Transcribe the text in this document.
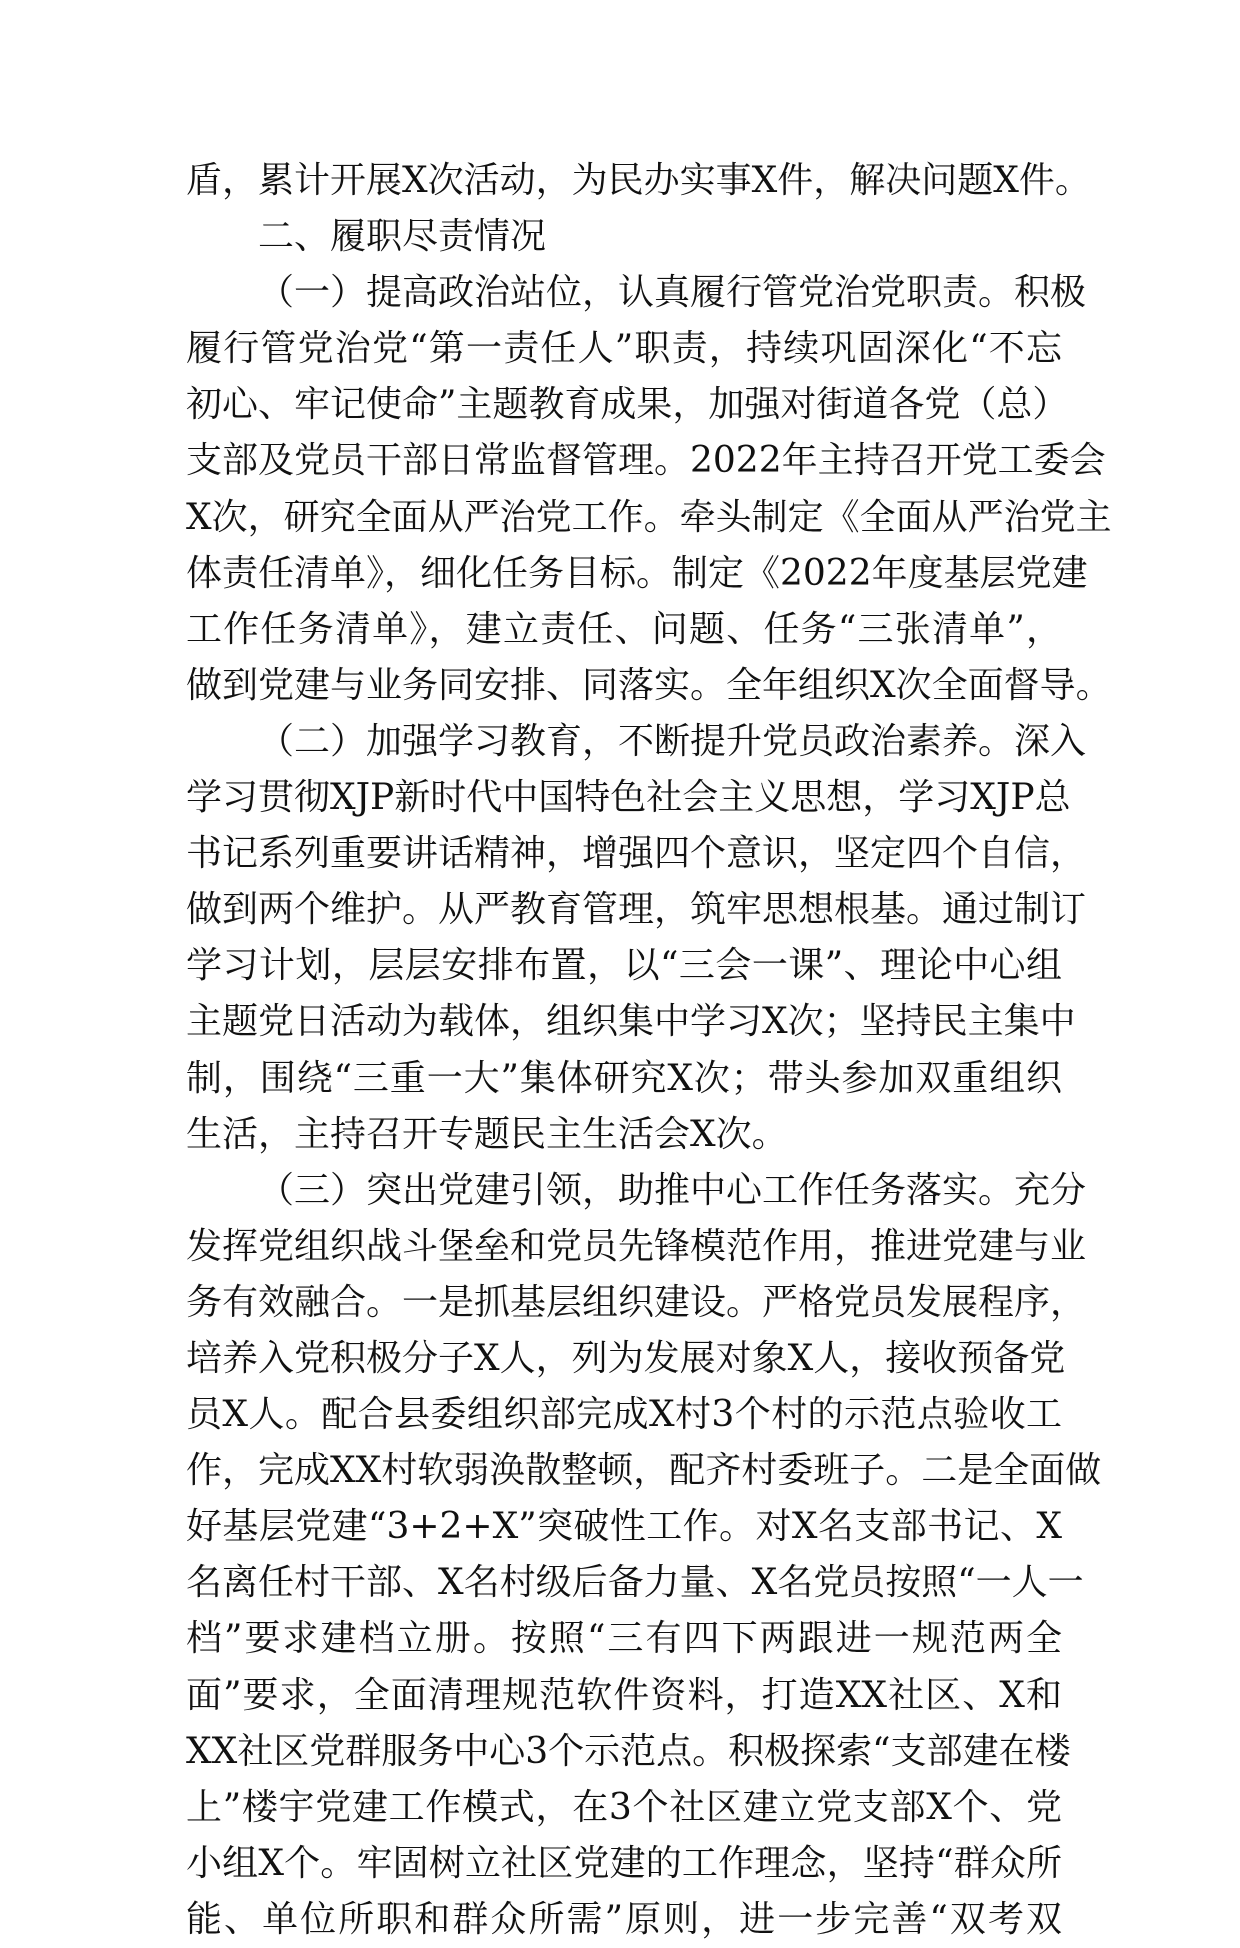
盾，累计开展X次活动，为民办实事X件，解决问题X件。
二、履职尽责情况
（一）提高政治站位，认真履行管党治党职责。积极
履行管党治党“第一责任人”职责，持续巩固深化“不忘
初心、牢记使命”主题教育成果，加强对街道各党（总）
支部及党员干部日常监督管理。2022年主持召开党工委会
X次，研究全面从严治党工作。牵头制定《全面从严治党主
体责任清单》，细化任务目标。制定《2022年度基层党建
工作任务清单》，建立责任、问题、任务“三张清单”，
做到党建与业务同安排、同落实。全年组织X次全面督导。
（二）加强学习教育，不断提升党员政治素养。深入
学习贯彻XJP新时代中国特色社会主义思想，学习XJP总
书记系列重要讲话精神，增强四个意识，坚定四个自信，
做到两个维护。从严教育管理，筑牢思想根基。通过制订
学习计划，层层安排布置，以“三会一课”、理论中心组
主题党日活动为载体，组织集中学习X次；坚持民主集中
制，围绕“三重一大”集体研究X次；带头参加双重组织
生活，主持召开专题民主生活会X次。
（三）突出党建引领，助推中心工作任务落实。充分
发挥党组织战斗堡垒和党员先锋模范作用，推进党建与业
务有效融合。一是抓基层组织建设。严格党员发展程序，
培养入党积极分子X人，列为发展对象X人，接收预备党
员X人。配合县委组织部完成X村3个村的示范点验收工
作，完成XX村软弱涣散整顿，配齐村委班子。二是全面做
好基层党建“3+2+X”突破性工作。对X名支部书记、X
名离任村干部、X名村级后备力量、X名党员按照“一人一
档”要求建档立册。按照“三有四下两跟进一规范两全
面”要求，全面清理规范软件资料，打造XX社区、X和
XX社区党群服务中心3个示范点。积极探索“支部建在楼
上”楼宇党建工作模式，在3个社区建立党支部X个、党
小组X个。牢固树立社区党建的工作理念，坚持“群众所
能、单位所职和群众所需”原则，进一步完善“双考双
